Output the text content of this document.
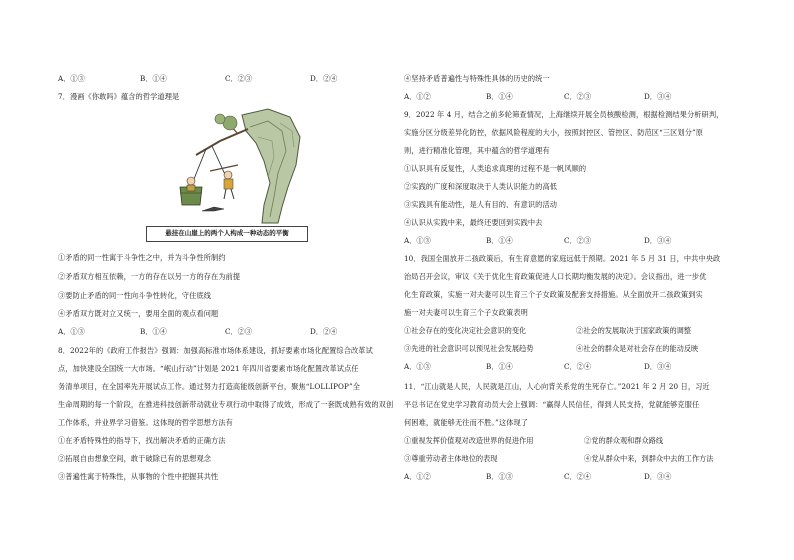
A．①③	B．①④	C．②③	D．②④
7．漫画《你敢吗》蕴含的哲学道理是
悬挂在山崖上的两个人构成一种动态的平衡
①矛盾的同一性寓于斗争性之中，并为斗争性所制约
②矛盾双方相互依赖，一方的存在以另一方的存在为前提
③要防止矛盾的同一性向斗争性转化，守住底线
④矛盾双方既对立又统一，要用全面的观点看问题
A．①③	B．①④	C．②③	D．②④
8．2022年的《政府工作报告》强调：加强高标准市场体系建设，抓好要素市场化配置综合改革试
点，加快建设全国统一大市场。“岷山行动”计划是 2021 年四川省要素市场化配置改革试点任
务清单项目，在全国率先开展试点工作。通过努力打造高能级创新平台，聚焦“LOLLIPOP”全
生命周期的每一个阶段，在推进科技创新带动就业专项行动中取得了成效，形成了一套既成熟有效的双创
工作体系，并业界学习借鉴。这体现的哲学思想方法有
①在矛盾特殊性的指导下，找出解决矛盾的正确方法
②拓展自由想象空间，敢于破除已有的思想观念
③普遍性寓于特殊性，从事物的个性中把握其共性
④坚持矛盾普遍性与特殊性具体的历史的统一
A．①②	B．①④	C．②③	D．③④
9．2022 年 4 月，结合之前多轮筛查情况，上海继续开展全员核酸检测，根据检测结果分析研判，
实施分区分级差异化防控，依据风险程度的大小，按照封控区、管控区、防范区“三区划分”原
则，进行精准化管理，其中蕴含的哲学道理有
①认识具有反复性，人类追求真理的过程不是一帆风顺的
②实践的广度和深度取决于人类认识能力的高低
③实践具有能动性，是人有目的、有意识的活动
④认识从实践中来，最终还要回到实践中去
A．①③	B．①④	C．②③	D．③④
10．我国全面放开二孩政策后，有生育意愿的家庭远低于预期。2021 年 5 月 31 日，中共中央政
治局召开会议，审议《关于优化生育政策促进人口长期均衡发展的决定》。会议指出，进一步优
化生育政策，实施一对夫妻可以生育三个子女政策及配套支持措施。从全面放开二孩政策到实
施一对夫妻可以生育三个子女政策表明
①社会存在的变化决定社会意识的变化	②社会的发展取决于国家政策的调整
③先进的社会意识可以预见社会发展趋势	④社会的群众是对社会存在的能动反映
A．①③	B．①④	C．②④	D．③④
11．“江山就是人民，人民就是江山，人心向背关系党的生死存亡。”2021 年 2 月 20 日，习近
平总书记在党史学习教育动员大会上强调：“赢得人民信任，得到人民支持，党就能够克服任
何困难，就能够无往而不胜。”这体现了
①重视发挥价值观对改造世界的促进作用	②党的群众观和群众路线
③尊重劳动者主体地位的表现	④党从群众中来，到群众中去的工作方法
A．①②	B．①③	C．②④	D．③④
